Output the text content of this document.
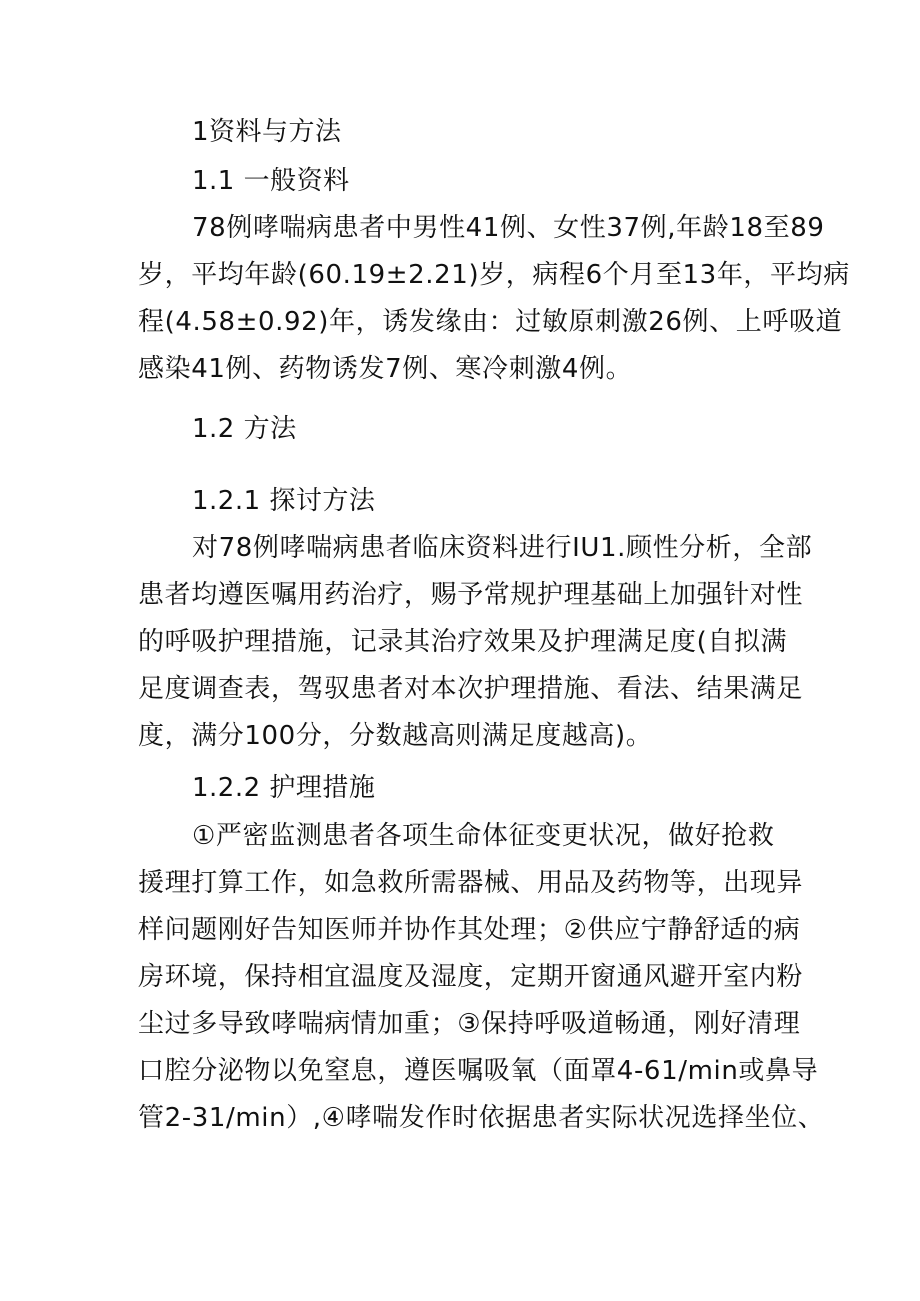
1资料与方法
1.1 一般资料
78例哮喘病患者中男性41例、女性37例,年龄18至89
岁，平均年龄(60.19±2.21)岁，病程6个月至13年，平均病
程(4.58±0.92)年，诱发缘由：过敏原刺激26例、上呼吸道
感染41例、药物诱发7例、寒冷刺激4例。
1.2 方法
1.2.1 探讨方法
对78例哮喘病患者临床资料进行IU1.顾性分析，全部
患者均遵医嘱用药治疗，赐予常规护理基础上加强针对性
的呼吸护理措施，记录其治疗效果及护理满足度(自拟满
足度调查表，驾驭患者对本次护理措施、看法、结果满足
度，满分100分，分数越高则满足度越高)。
1.2.2 护理措施
①严密监测患者各项生命体征变更状况，做好抢救
援理打算工作，如急救所需器械、用品及药物等，出现异
样问题刚好告知医师并协作其处理；②供应宁静舒适的病
房环境，保持相宜温度及湿度，定期开窗通风避开室内粉
尘过多导致哮喘病情加重；③保持呼吸道畅通，刚好清理
口腔分泌物以免窒息，遵医嘱吸氧（面罩4-61∕min或鼻导
管2-31∕min）,④哮喘发作时依据患者实际状况选择坐位、
